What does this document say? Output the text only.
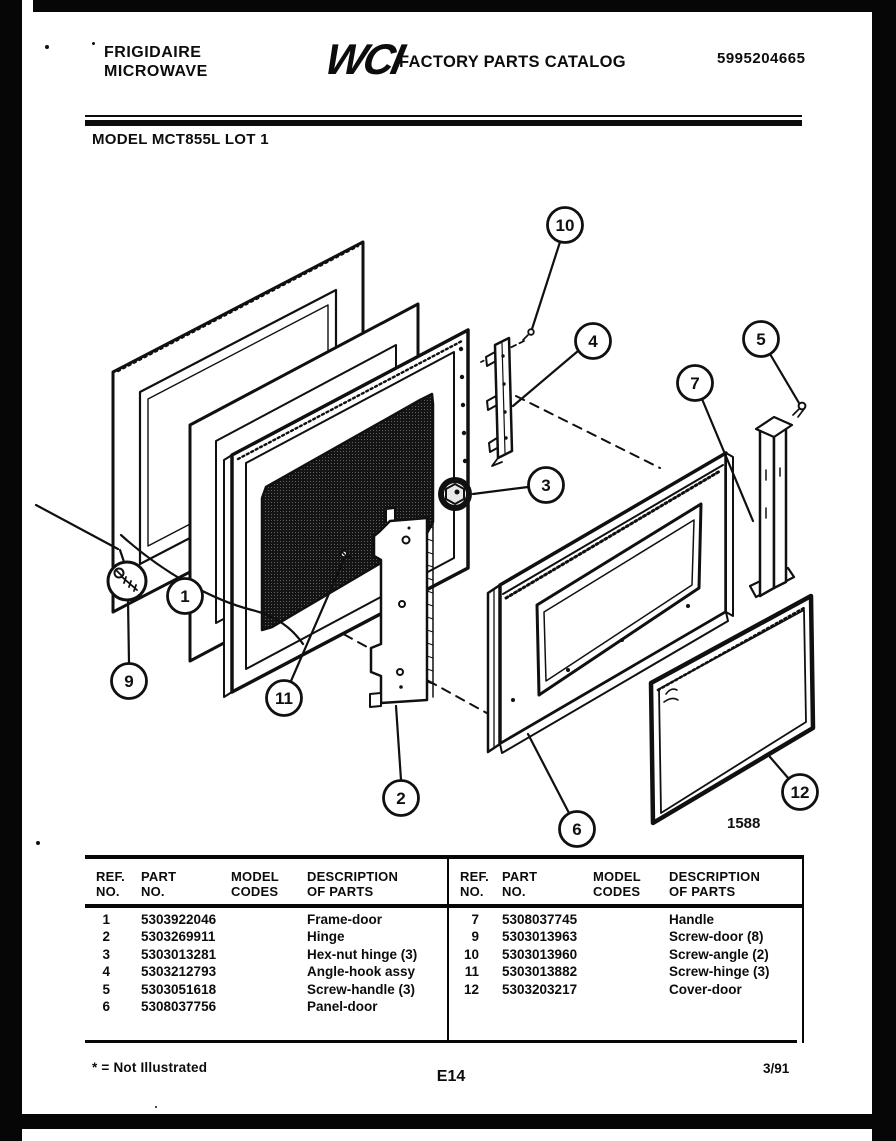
FRIGIDAIRE
MICROWAVE	WCI
FACTORY PARTS CATALOG	5995204665
MODEL MCT855L LOT 1
1
2
3
4	5
6
7
9
10
11
12
1588
REF.	PART	MODEL	DESCRIPTION
NO.	NO.	CODES	OF PARTS
REF.	PART	MODEL	DESCRIPTION
NO.	NO.	CODES	OF PARTS
1 5303922046	Frame-door
2 5303269911	Hinge
3 5303013281	Hex-nut hinge (3)
4 5303212793	Angle-hook assy
5 5303051618	Screw-handle (3)
6 5308037756	Panel-door
7 5308037745	Handle
9 5303013963	Screw-door (8)
10 5303013960	Screw-angle (2)
11 5303013882	Screw-hinge (3)
12 5303203217	Cover-door
* = Not Illustrated
E14	3/91
